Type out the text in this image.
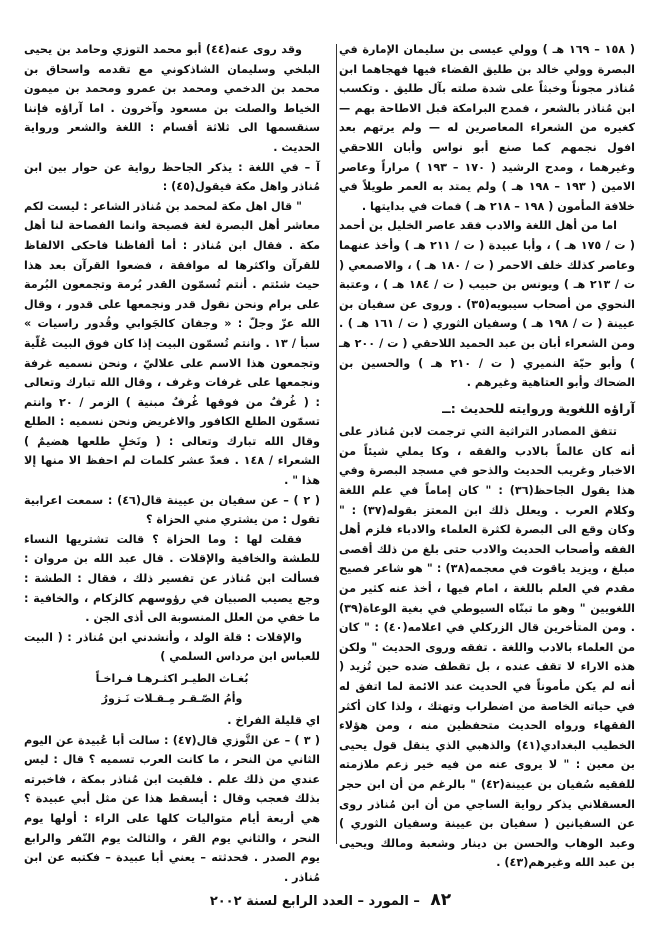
( ١٥٨ – ١٦٩ هـ ) وولي عيسى بن سليمان الإمارة في البصرة وولي خالد بن طليق القضاء فيها فهجاهما ابن مُناذر مجوناً وخبثاً على شدة صلته بآل طليق . وتكسب ابن مُناذر بالشعر ، فمدح البرامكة قبل الاطاحة بهم — كغيره من الشعراء المعاصرين له — ولم يرتهم بعد افول نجمهم كما صنع أبو نواس وأبان اللاحقي وغيرهما ، ومدح الرشيد ( ١٧٠ – ١٩٣ ) مراراً وعاصر الامين ( ١٩٣ – ١٩٨ هـ ) ولم يمتد به العمر طويلاً في خلافة المأمون ( ١٩٨ – ٢١٨ هـ ) فمات في بدايتها .

اما من أهل اللغة والادب فقد عاصر الخليل بن أحمد ( ت / ١٧٥ هـ ) ، وأبا عبيدة ( ت / ٢١١ هـ ) وأخذ عنهما وعاصر كذلك خلف الاحمر ( ت / ١٨٠ هـ ) ، والاصمعي ( ت / ٢١٣ هـ ) ويونس بن حبيب ( ت / ١٨٤ هـ ) ، وعتبة النحوي من أصحاب سيبويه(٣٥) . وروى عن سفيان بن عيينة ( ت / ١٩٨ هـ ) وسفيان الثوري ( ت / ١٦١ هـ ) . ومن الشعراء أبان بن عبد الحميد اللاحقي ( ت / ٢٠٠ هـ ) وأبو حيّة النميري ( ت / ٢١٠ هـ ) والحسين بن الضحاك وأبو العتاهية وغيرهم .

آراؤه اللغوية وروايته للحديث :ــ

تتفق المصادر التراثية التي ترجمت لابن مُناذر على أنه كان عالماً بالادب والفقه ، وكا يملي شيئاً من الاخبار وغريب الحديث والذحو في مسجد البصرة وفي هذا يقول الجاحظ(٣٦) : " كان إماماً في علم اللغة وكلام العرب . ويعلل ذلك ابن المعتز بقوله(٣٧) : " وكان وقع الى البصرة لكثرة العلماء والادباء فلزم أهل الفقه وأصحاب الحديث والادب حتى بلغ من ذلك أقصى مبلغ ، ويزيد ياقوت في معجمه(٣٨) : " هو شاعر فصيح مقدم في العلم باللغة ، امام فيها ، أخذ عنه كثير من اللغويين " وهو ما تبنّاه السيوطي في بغية الوعاة(٣٩) . ومن المتأخرين قال الزركلي في اعلامه(٤٠) : " كان من العلماء بالادب واللغة . تفقه وروى الحديث " ولكن هذه الاراء لا تقف عنده ، بل تقطف ضده حين تُزيد ( أنه لم يكن مأموناً في الحديث عند الائمة لما اتفق له في حياته الخاصة من اضطراب وتهتك ، ولذا كان أكثر الفقهاء ورواه الحديث متحفظين منه ، ومن هؤلاء الخطيب البغدادي(٤١) والذهبي الذي ينقل قول يحيى بن معين : " لا يروى عنه من فيه خير زعم ملازمته للفقيه سُفيان بن عيينة(٤٢) " بالرغم من أن ابن حجر العسقلاني يذكر رواية الساجي من أن ابن مُناذر روى عن السفيانين ( سفيان بن عيينة وسفيان الثوري ) وعبد الوهاب والحسن بن دينار وشعبة ومالك ويحيى بن عبد الله وغيرهم(٤٣) .

وقد روى عنه(٤٤) أبو محمد التوزي وحامد بن يحيى البلخي وسليمان الشاذكوني مع تقدمه واسحاق بن محمد بن الدخمي ومحمد بن عمرو ومحمد بن ميمون الخياط والصلت بن مسعود وآخرون . اما آراؤه فإننا سنقسمها الى ثلاثة أقسام : اللغة والشعر ورواية الحديث .

آ – في اللغة : يذكر الجاحظ رواية عن حوار بين ابن مُناذر واهل مكة فيقول(٤٥) :

" قال اهل مكة لمحمد بن مُناذر الشاعر : ليست لكم معاشر أهل البصرة لغة فصيحة وانما الفصاحة لنا أهل مكة . فقال ابن مُناذر : أما ألفاظنا فاحكى الالفاظ للقرآن واكثرها له موافقة ، فضعوا القرآن بعد هذا حيث شئتم . أنتم تُسمّون القدر بُرمة وتجمعون البُرمة على برام ونحن نقول قدر ونجمعها على قدور ، وقال الله عزّ وجلّ : « وجفان كالجَوابي وقُدور راسيات » سبأ / ١٣ . وانتم تُسمّون البيت إذا كان فوق البيت عُلّية وتجمعون هذا الاسم على علاليّ ، ونحن نسميه غرفة ونجمعها على غرفات وغرف ، وقال الله تبارك وتعالى : ( غُرفٌ من فوقها غُرفٌ مبنية ) الزمر / ٢٠ وانتم تسمّون الطلع الكافور والاغريض ونحن نسميه : الطلع وقال الله تبارك وتعالى : ( ونَخلٍ طلعها هضيمٌ ) الشعراء / ١٤٨ . فعدّ عشر كلمات لم احفظ الا منها إلا هذا " .

( ٢ ) – عن سفيان بن عيينة قال(٤٦) : سمعت اعرابية تقول : من يشتري مني الحزاة ؟

فقلت لها : وما الحزاة ؟ قالت تشتريها النساء للطشة والخافية والإقلات . قال عبد الله بن مروان : فسألت ابن مُناذر عن تفسير ذلك ، فقال : الطشة : وجع يصيب الصبيان في رؤوسهم كالزكام ، والخافية : ما خفي من العلل المنسوبة الى أذى الجن .

والإقلات : قلة الولد ، وأنشدني ابن مُناذر : ( البيت للعباس ابن مرداس السلمي )

بُغـاث الطيـر اكثـرهـا فـراخـاً
وأمُ الصّـقـر مِـقـلات نَـزورُ

اي قليلة الفراخ .

( ٣ ) – عن التَّوزي قال(٤٧) : سالت أبا عُبيدة عن اليوم الثاني من النحر ، ما كانت العرب تسميه ؟ قال : ليس عندي من ذلك علم . فلقيت ابن مُناذر بمكة ، فاخبرته بذلك فعجب وقال : أيسقط هذا عن مثل أبي عبيدة ؟ هي أربعة أيام متواليات كلها على الراء : أولها يوم النحر ، والثاني يوم القر ، والثالث يوم النّفر والرابع يوم الصدر . فحدثته – يعني أبا عبيدة – فكتبه عن ابن مُناذر .

٨٢ – المورد – العدد الرابع لسنة ٢٠٠٢
